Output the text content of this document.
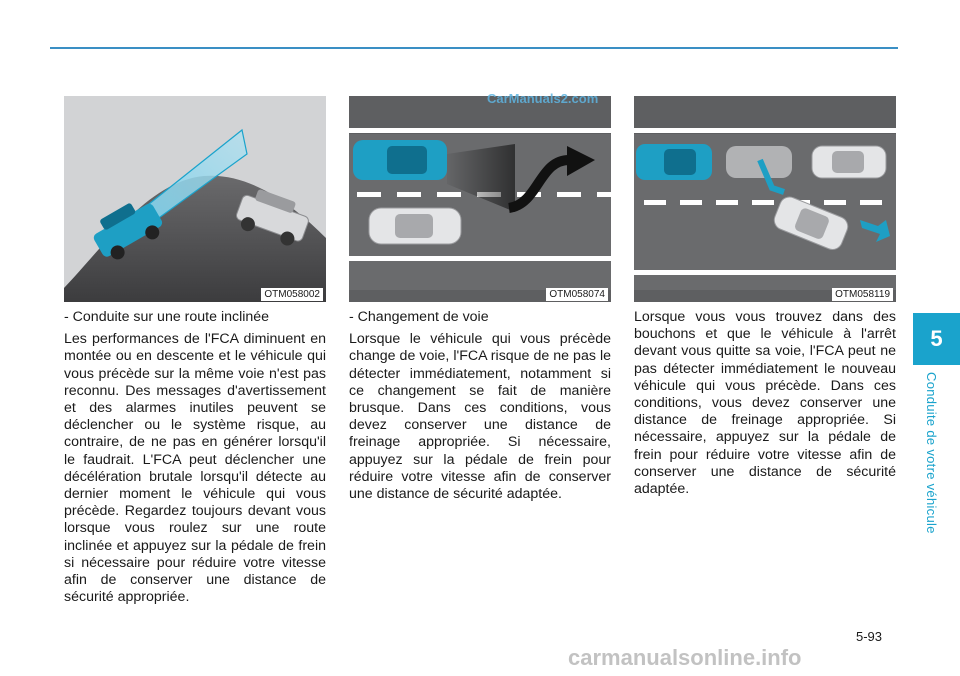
5
Conduite de votre véhicule
OTM058002	OTM058074	OTM058119

- Conduite sur une route inclinée

Les performances de l'FCA diminuent en montée ou en descente et le véhicule qui vous précède sur la même voie n'est pas reconnu. Des messages d'avertissement et des alarmes inutiles peuvent se déclencher ou le système risque, au contraire, de ne pas en générer lorsqu'il le faudrait. L'FCA peut déclencher une décélération brutale lorsqu'il détecte au dernier moment le véhicule qui vous précède. Regardez toujours devant vous lorsque vous roulez sur une route inclinée et appuyez sur la pédale de frein si nécessaire pour réduire votre vitesse afin de conserver une distance de sécurité appropriée.

- Changement de voie

Lorsque le véhicule qui vous précède change de voie, l'FCA risque de ne pas le détecter immédiatement, notamment si ce changement se fait de manière brusque. Dans ces conditions, vous devez conserver une distance de freinage appropriée. Si nécessaire, appuyez sur la pédale de frein pour réduire votre vitesse afin de conserver une distance de sécurité adaptée.

Lorsque vous vous trouvez dans des bouchons et que le véhicule à l'arrêt devant vous quitte sa voie, l'FCA peut ne pas détecter immédiatement le nouveau véhicule qui vous précède. Dans ces conditions, vous devez conserver une distance de freinage appropriée. Si nécessaire, appuyez sur la pédale de frein pour réduire votre vitesse afin de conserver une distance de sécurité adaptée.

5-93
CarManuals2.com
carmanualsonline.info
